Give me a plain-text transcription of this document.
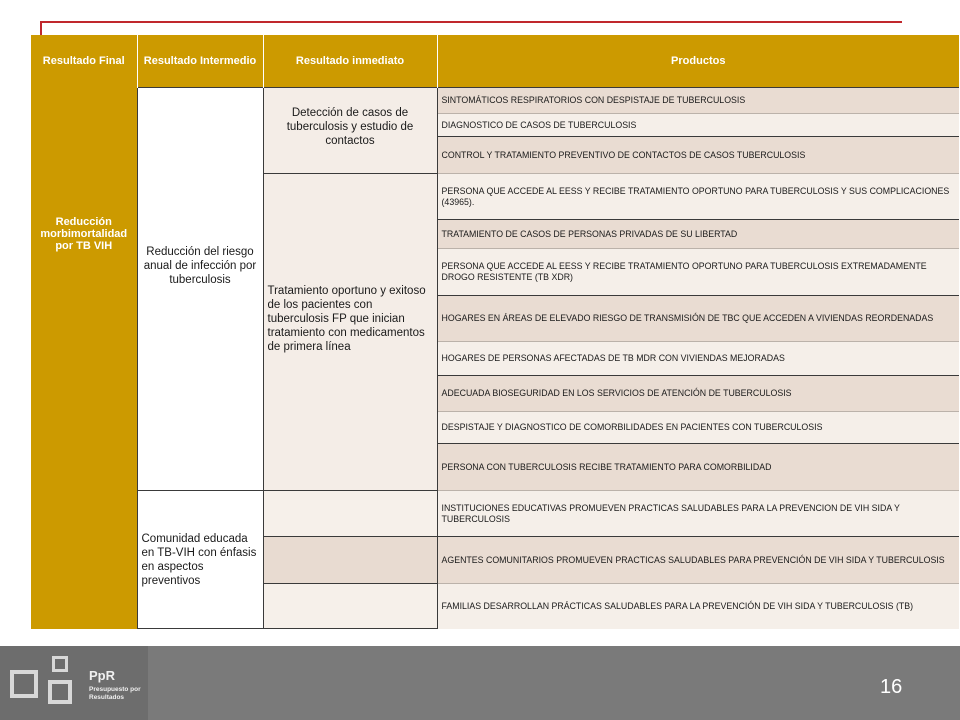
Resultado Final	Resultado Intermedio	Resultado inmediato	Productos
Reducción morbimortalidad por TB VIH	Reducción del riesgo anual de infección por tuberculosis	Detección de casos de tuberculosis y estudio de contactos	SINTOMÁTICOS RESPIRATORIOS CON DESPISTAJE DE TUBERCULOSIS
			DIAGNOSTICO DE CASOS DE TUBERCULOSIS
			CONTROL Y TRATAMIENTO PREVENTIVO DE CONTACTOS DE CASOS TUBERCULOSIS
		Tratamiento oportuno y exitoso de los pacientes con tuberculosis FP que inician tratamiento con medicamentos de primera línea	PERSONA QUE ACCEDE AL EESS Y RECIBE TRATAMIENTO OPORTUNO PARA TUBERCULOSIS Y SUS COMPLICACIONES (43965).
			TRATAMIENTO DE CASOS DE PERSONAS PRIVADAS DE SU LIBERTAD
			PERSONA QUE ACCEDE AL EESS Y RECIBE TRATAMIENTO OPORTUNO PARA TUBERCULOSIS EXTREMADAMENTE DROGO RESISTENTE (TB XDR)
			HOGARES EN ÁREAS DE ELEVADO RIESGO DE TRANSMISIÓN DE TBC QUE ACCEDEN A VIVIENDAS REORDENADAS
			HOGARES DE PERSONAS AFECTADAS DE TB MDR CON VIVIENDAS MEJORADAS
			ADECUADA BIOSEGURIDAD EN LOS SERVICIOS DE ATENCIÓN DE TUBERCULOSIS
			DESPISTAJE Y DIAGNOSTICO DE COMORBILIDADES EN PACIENTES CON TUBERCULOSIS
			PERSONA CON TUBERCULOSIS RECIBE TRATAMIENTO PARA COMORBILIDAD
	Comunidad educada en TB-VIH con énfasis en aspectos preventivos		INSTITUCIONES EDUCATIVAS PROMUEVEN PRACTICAS SALUDABLES PARA LA PREVENCION DE VIH SIDA Y TUBERCULOSIS
			AGENTES COMUNITARIOS PROMUEVEN PRACTICAS SALUDABLES PARA PREVENCIÓN DE VIH SIDA Y TUBERCULOSIS
			FAMILIAS DESARROLLAN PRÁCTICAS SALUDABLES PARA LA PREVENCIÓN DE VIH SIDA Y TUBERCULOSIS (TB)
PpR
Presupuesto por Resultados	16
